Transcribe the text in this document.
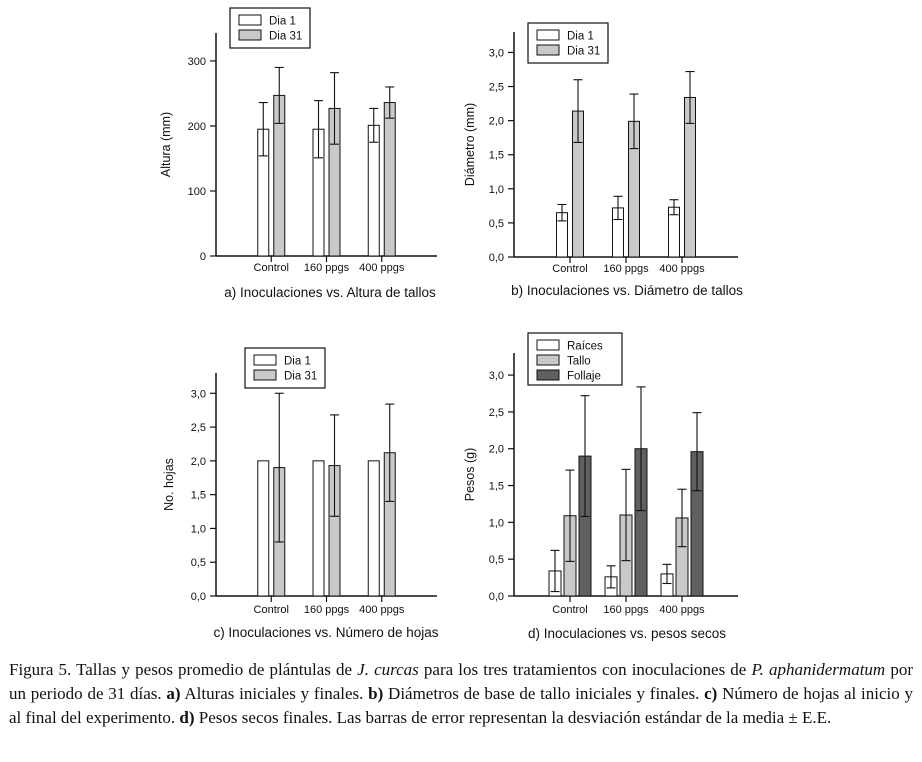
0
100
200
300
Control 160 ppgs 400 ppgs
Altura (mm)
Dia 1
Dia 31
a) Inoculaciones vs. Altura de tallos
0,0
0,5
1,0
1,5
2,0
2,5
3,0
Control 160 ppgs 400 ppgs
Diámetro (mm)
Dia 1
Dia 31
b) Inoculaciones vs. Diámetro de tallos
0,0
0,5
1,0
1,5
2,0
2,5
3,0
Control 160 ppgs 400 ppgs
No. hojas
Dia 1
Dia 31
c) Inoculaciones vs. Número de hojas
0,0
0,5
1,0
1,5
2,0
2,5
3,0
Control 160 ppgs 400 ppgs
Pesos (g)
Raíces
Tallo
Follaje
d) Inoculaciones vs. pesos secos

Figura 5. Tallas y pesos promedio de plántulas de J. curcas para los tres tratamientos con inoculaciones de P. aphanidermatum por un periodo de 31 días. a) Alturas iniciales y finales. b) Diámetros de base de tallo iniciales y finales. c) Número de hojas al inicio y al final del experimento. d) Pesos secos finales. Las barras de error representan la desviación estándar de la media ± E.E.
